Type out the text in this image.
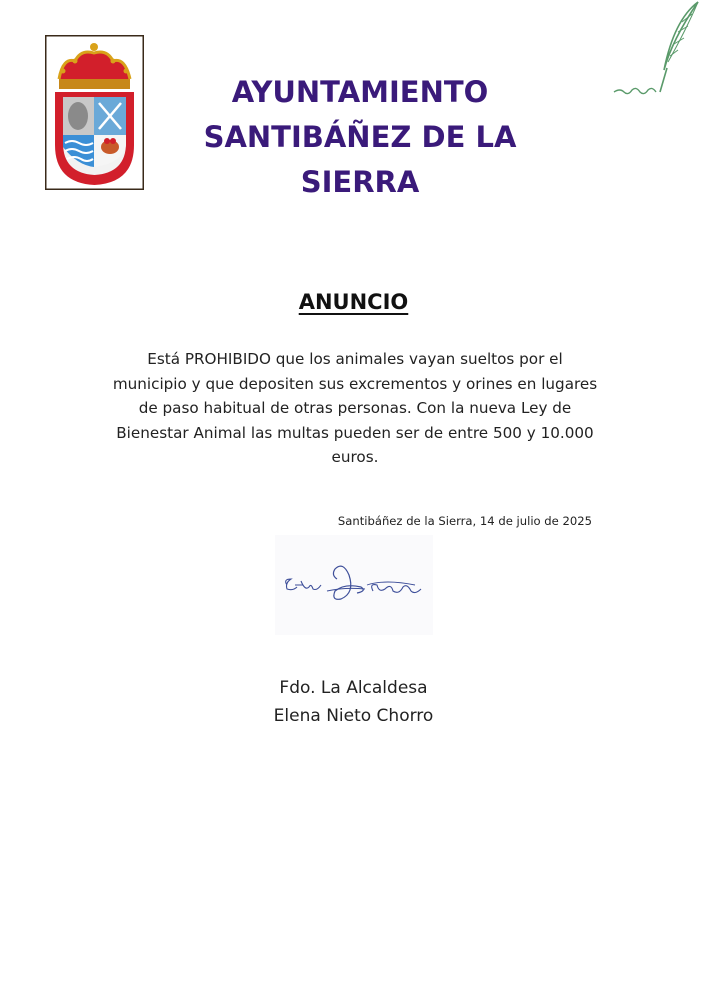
AYUNTAMIENTO
SANTIBÁÑEZ DE LA SIERRA
ANUNCIO
Está PROHIBIDO que los animales vayan sueltos por el municipio y que depositen sus excrementos y orines en lugares de paso habitual de otras personas. Con la nueva Ley de Bienestar Animal las multas pueden ser de entre 500 y 10.000 euros.
Santibáñez de la Sierra, 14 de julio de 2025
Fdo. La Alcaldesa
Elena Nieto Chorro
